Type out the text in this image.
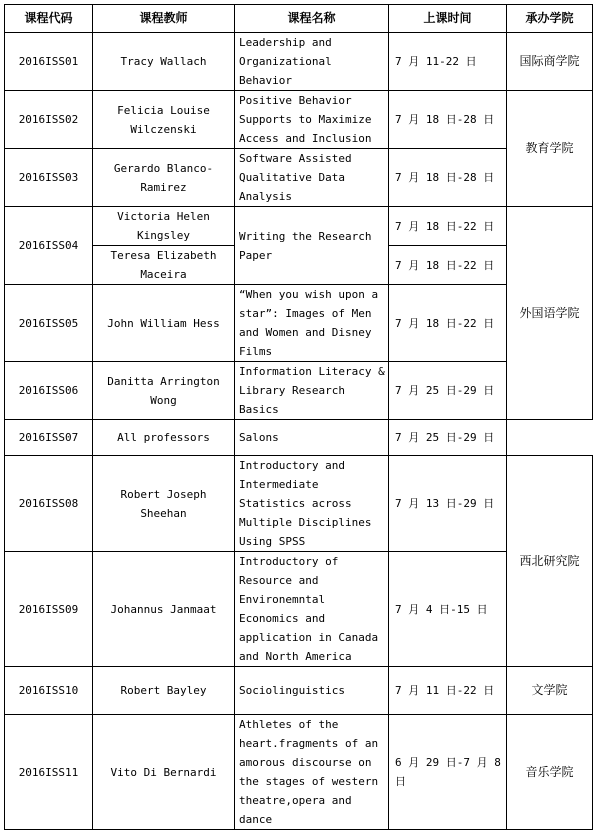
课程代码	课程教师	课程名称	上课时间	承办学院
2016ISS01	Tracy Wallach	Leadership and Organizational Behavior	7 月 11-22 日	国际商学院
2016ISS02	Felicia Louise Wilczenski	Positive Behavior Supports to Maximize Access and Inclusion	7 月 18 日-28 日	教育学院
2016ISS03	Gerardo Blanco-Ramirez	Software Assisted Qualitative Data Analysis	7 月 18 日-28 日	
2016ISS04	Victoria Helen Kingsley	Writing the Research Paper	7 月 18 日-22 日	外国语学院
	Teresa Elizabeth Maceira		7 月 18 日-22 日	
2016ISS05	John William Hess	“When you wish upon a star”: Images of Men and Women and Disney Films	7 月 18 日-22 日	
2016ISS06	Danitta Arrington Wong	Information Literacy & Library Research Basics	7 月 25 日-29 日	
2016ISS07	All professors	Salons	7 月 25 日-29 日	
2016ISS08	Robert Joseph Sheehan	Introductory and Intermediate Statistics across Multiple Disciplines Using SPSS	7 月 13 日-29 日	西北研究院
2016ISS09	Johannus Janmaat	Introductory of Resource and Environemntal Economics and application in Canada and North America	7 月 4 日-15 日	
2016ISS10	Robert Bayley	Sociolinguistics	7 月 11 日-22 日	文学院
2016ISS11	Vito Di Bernardi	Athletes of the heart.fragments of an amorous discourse on the stages of western theatre,opera and dance	6 月 29 日-7 月 8 日	音乐学院
